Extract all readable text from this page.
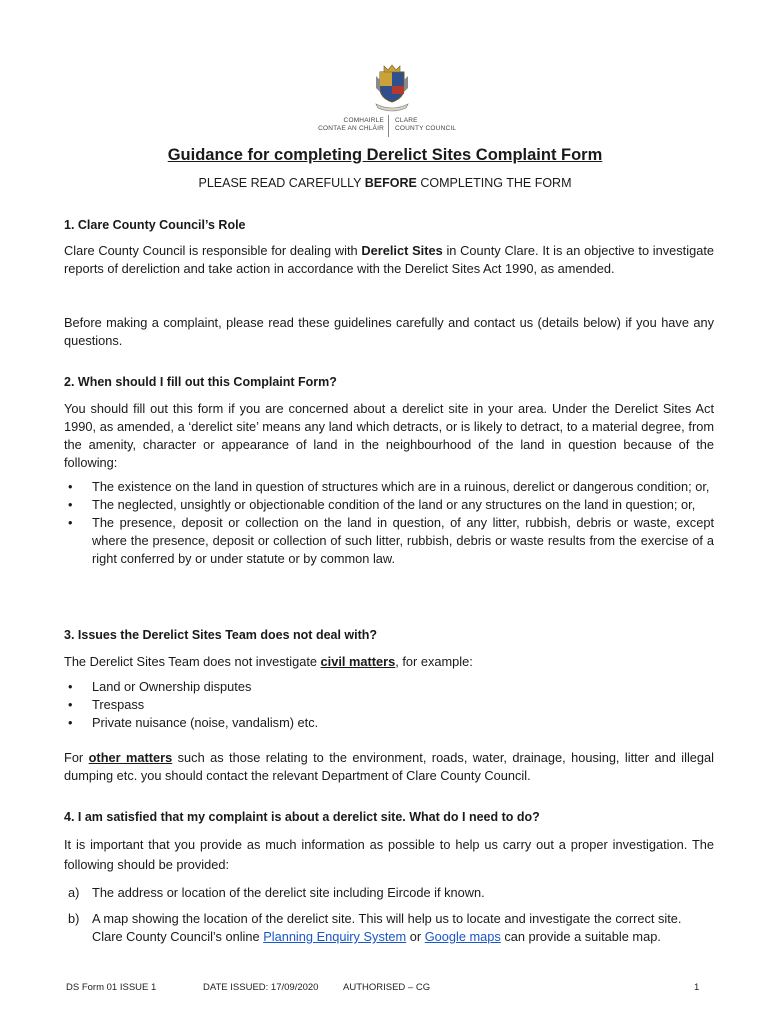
COMHAIRLE
CONTAE AN CHLÁIR
CLARE
COUNTY COUNCIL
Guidance for completing Derelict Sites Complaint Form
PLEASE READ CAREFULLY BEFORE COMPLETING THE FORM
1. Clare County Council’s Role
Clare County Council is responsible for dealing with Derelict Sites in County Clare. It is an objective to investigate reports of dereliction and take action in accordance with the Derelict Sites Act 1990, as amended.
Before making a complaint, please read these guidelines carefully and contact us (details below) if you have any questions.
2. When should I fill out this Complaint Form?
You should fill out this form if you are concerned about a derelict site in your area. Under the Derelict Sites Act 1990, as amended, a ‘derelict site’ means any land which detracts, or is likely to detract, to a material degree, from the amenity, character or appearance of land in the neighbourhood of the land in question because of the following:
• The existence on the land in question of structures which are in a ruinous, derelict or dangerous condition; or,
• The neglected, unsightly or objectionable condition of the land or any structures on the land in question; or,
• The presence, deposit or collection on the land in question, of any litter, rubbish, debris or waste, except where the presence, deposit or collection of such litter, rubbish, debris or waste results from the exercise of a right conferred by or under statute or by common law.
3. Issues the Derelict Sites Team does not deal with?
The Derelict Sites Team does not investigate civil matters, for example:
• Land or Ownership disputes
• Trespass
• Private nuisance (noise, vandalism) etc.
For other matters such as those relating to the environment, roads, water, drainage, housing, litter and illegal dumping etc. you should contact the relevant Department of Clare County Council.
4. I am satisfied that my complaint is about a derelict site. What do I need to do?
It is important that you provide as much information as possible to help us carry out a proper investigation. The following should be provided:
a) The address or location of the derelict site including Eircode if known.
b) A map showing the location of the derelict site. This will help us to locate and investigate the correct site. Clare County Council’s online Planning Enquiry System or Google maps can provide a suitable map.
DS Form 01 ISSUE 1	DATE ISSUED: 17/09/2020	AUTHORISED – CG	1
